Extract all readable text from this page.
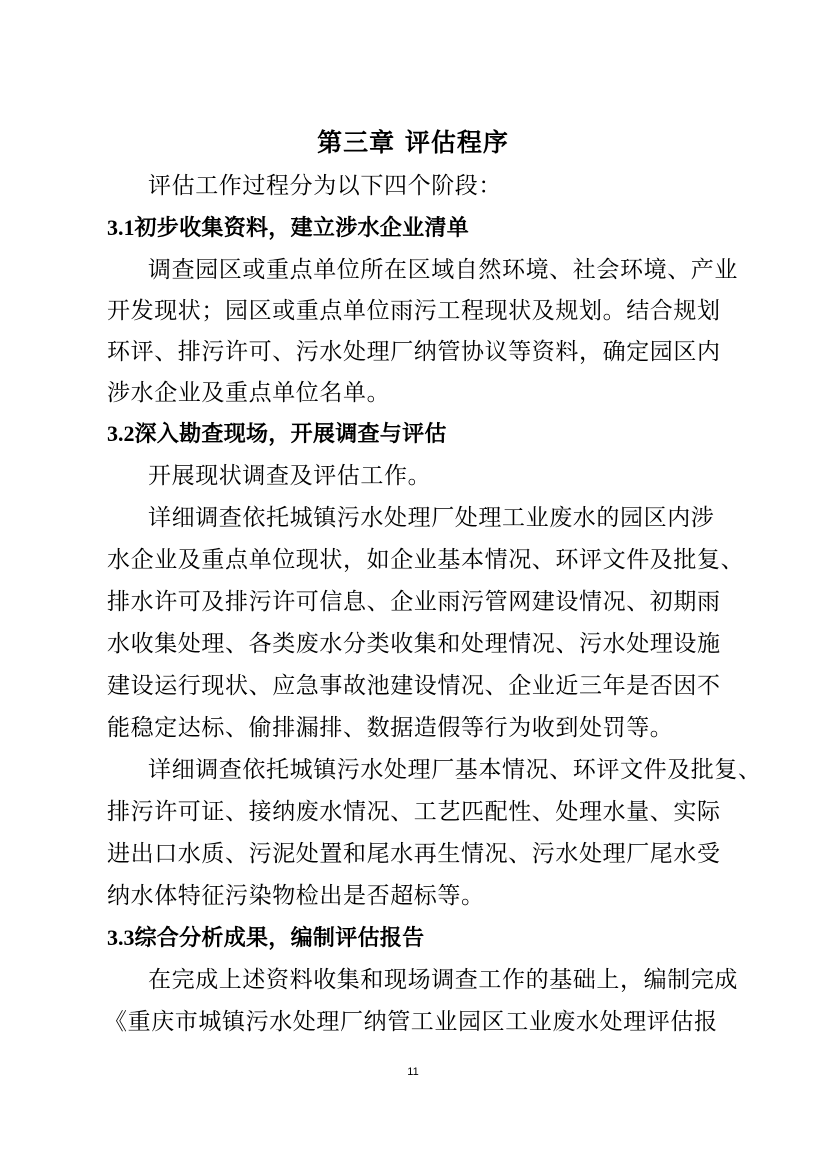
第三章 评估程序

评估工作过程分为以下四个阶段：

3.1初步收集资料，建立涉水企业清单

调查园区或重点单位所在区域自然环境、社会环境、产业

开发现状；园区或重点单位雨污工程现状及规划。结合规划

环评、排污许可、污水处理厂纳管协议等资料，确定园区内

涉水企业及重点单位名单。

3.2深入勘查现场，开展调查与评估

开展现状调查及评估工作。

详细调查依托城镇污水处理厂处理工业废水的园区内涉

水企业及重点单位现状，如企业基本情况、环评文件及批复、

排水许可及排污许可信息、企业雨污管网建设情况、初期雨

水收集处理、各类废水分类收集和处理情况、污水处理设施

建设运行现状、应急事故池建设情况、企业近三年是否因不

能稳定达标、偷排漏排、数据造假等行为收到处罚等。

详细调查依托城镇污水处理厂基本情况、环评文件及批复、

排污许可证、接纳废水情况、工艺匹配性、处理水量、实际

进出口水质、污泥处置和尾水再生情况、污水处理厂尾水受

纳水体特征污染物检出是否超标等。

3.3综合分析成果，编制评估报告

在完成上述资料收集和现场调查工作的基础上，编制完成

《重庆市城镇污水处理厂纳管工业园区工业废水处理评估报

11
